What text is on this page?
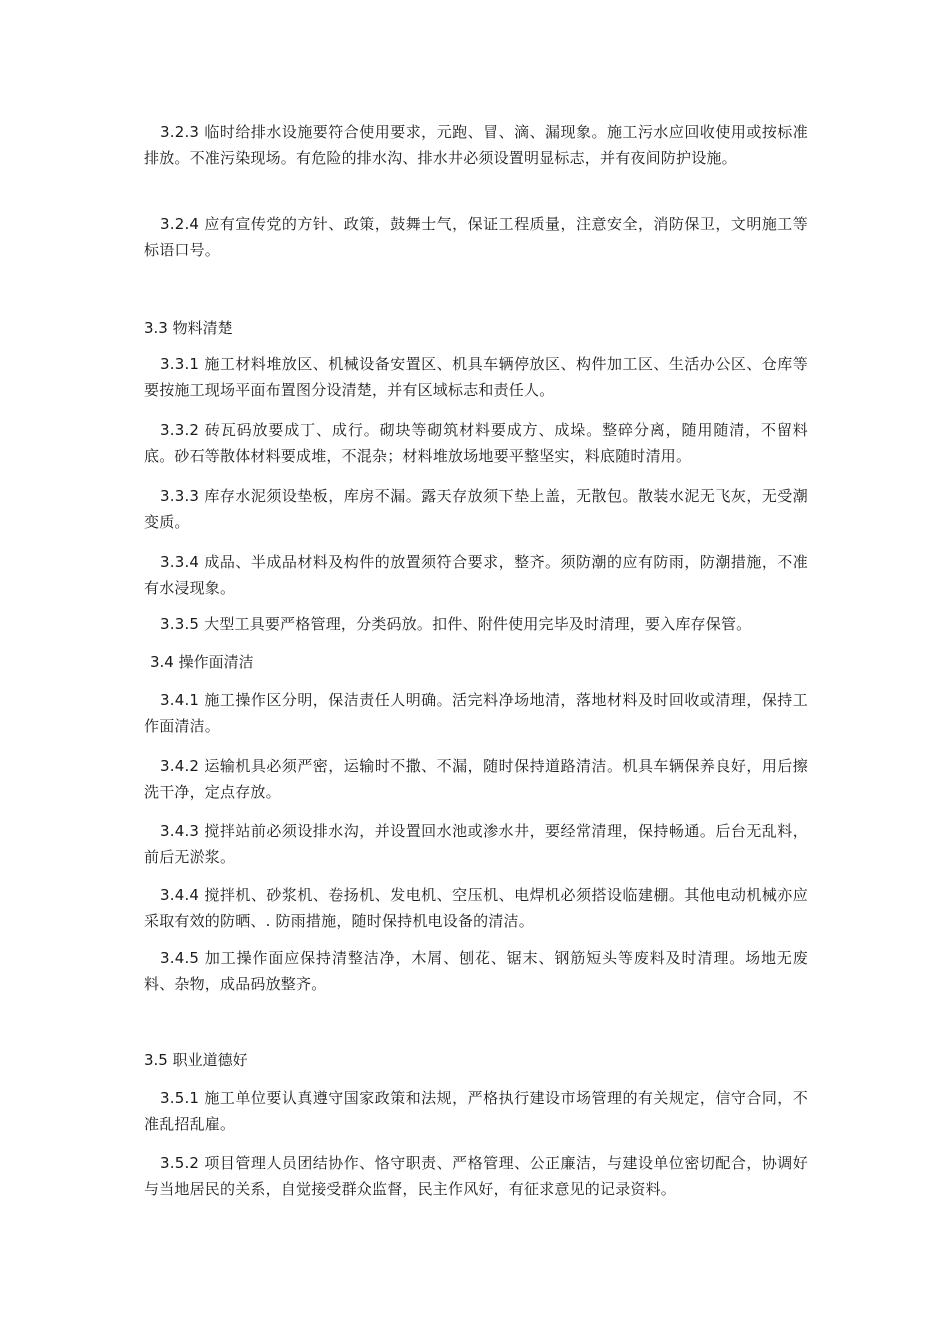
3.2.3 临时给排水设施要符合使用要求，元跑、冒、滴、漏现象。施工污水应回收使用或按标准排放。不准污染现场。有危险的排水沟、排水井必须设置明显标志，并有夜间防护设施。

3.2.4 应有宣传党的方针、政策，鼓舞士气，保证工程质量，注意安全，消防保卫，文明施工等标语口号。

3.3 物料清楚

3.3.1 施工材料堆放区、机械设备安置区、机具车辆停放区、构件加工区、生活办公区、仓库等要按施工现场平面布置图分设清楚，并有区域标志和责任人。

3.3.2 砖瓦码放要成丁、成行。砌块等砌筑材料要成方、成垛。整碎分离，随用随清，不留料底。砂石等散体材料要成堆，不混杂；材料堆放场地要平整坚实，料底随时清用。

3.3.3 库存水泥须设垫板，库房不漏。露天存放须下垫上盖，无散包。散装水泥无飞灰，无受潮变质。

3.3.4 成品、半成品材料及构件的放置须符合要求，整齐。须防潮的应有防雨，防潮措施，不准有水浸现象。

3.3.5 大型工具要严格管理，分类码放。扣件、附件使用完毕及时清理，要入库存保管。

3.4 操作面清洁

3.4.1 施工操作区分明，保洁责任人明确。活完料净场地清，落地材料及时回收或清理，保持工作面清洁。

3.4.2 运输机具必须严密，运输时不撒、不漏，随时保持道路清洁。机具车辆保养良好，用后擦洗干净，定点存放。

3.4.3 搅拌站前必须设排水沟，并设置回水池或渗水井，要经常清理，保持畅通。后台无乱料，前后无淤浆。

3.4.4 搅拌机、砂浆机、卷扬机、发电机、空压机、电焊机必须搭设临建棚。其他电动机械亦应采取有效的防晒、. 防雨措施，随时保持机电设备的清洁。

3.4.5 加工操作面应保持清整洁净，木屑、刨花、锯末、钢筋短头等废料及时清理。场地无废料、杂物，成品码放整齐。

3.5 职业道德好

3.5.1 施工单位要认真遵守国家政策和法规，严格执行建设市场管理的有关规定，信守合同，不准乱招乱雇。

3.5.2 项目管理人员团结协作、恪守职责、严格管理、公正廉洁，与建设单位密切配合，协调好与当地居民的关系，自觉接受群众监督，民主作风好，有征求意见的记录资料。
